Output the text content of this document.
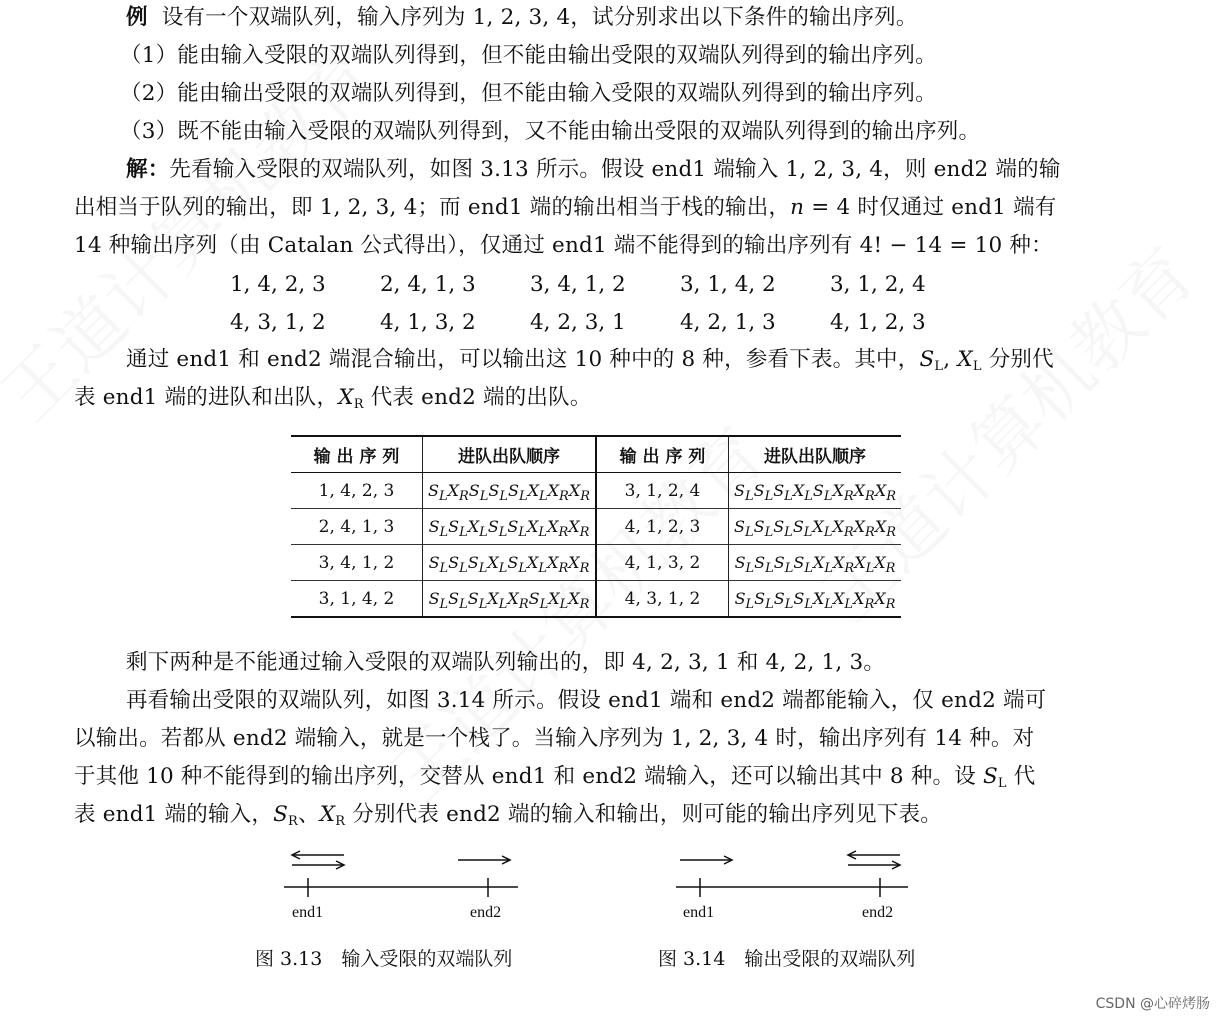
例 设有一个双端队列，输入序列为 1, 2, 3, 4，试分别求出以下条件的输出序列。
（1）能由输入受限的双端队列得到，但不能由输出受限的双端队列得到的输出序列。
（2）能由输出受限的双端队列得到，但不能由输入受限的双端队列得到的输出序列。
（3）既不能由输入受限的双端队列得到，又不能由输出受限的双端队列得到的输出序列。
解：先看输入受限的双端队列，如图 3.13 所示。假设 end1 端输入 1, 2, 3, 4，则 end2 端的输
出相当于队列的输出，即 1, 2, 3, 4；而 end1 端的输出相当于栈的输出，n = 4 时仅通过 end1 端有
14 种输出序列（由 Catalan 公式得出），仅通过 end1 端不能得到的输出序列有 4! − 14 = 10 种：
1, 4, 2, 3	2, 4, 1, 3	3, 4, 1, 2	3, 1, 4, 2	3, 1, 2, 4
4, 3, 1, 2	4, 1, 3, 2	4, 2, 3, 1	4, 2, 1, 3	4, 1, 2, 3
通过 end1 和 end2 端混合输出，可以输出这 10 种中的 8 种，参看下表。其中，$S_L$, $X_L$ 分别代
表 end1 端的进队和出队，$X_R$ 代表 end2 端的出队。
输 出 序 列	进队出队顺序	输 出 序 列	进队出队顺序
1, 4, 2, 3	$S_LX_RS_LS_LS_LX_LX_RX_R$	3, 1, 2, 4	$S_LS_LS_LX_LS_LX_RX_RX_R$
2, 4, 1, 3	$S_LS_LX_LS_LS_LX_LX_RX_R$	4, 1, 2, 3	$S_LS_LS_LS_LX_LX_RX_RX_R$
3, 4, 1, 2	$S_LS_LS_LX_LS_LX_LX_RX_R$	4, 1, 3, 2	$S_LS_LS_LS_LX_LX_RX_LX_R$
3, 1, 4, 2	$S_LS_LS_LX_LX_RS_LX_LX_R$	4, 3, 1, 2	$S_LS_LS_LS_LX_LX_LX_RX_R$
剩下两种是不能通过输入受限的双端队列输出的，即 4, 2, 3, 1 和 4, 2, 1, 3。
再看输出受限的双端队列，如图 3.14 所示。假设 end1 端和 end2 端都能输入，仅 end2 端可
以输出。若都从 end2 端输入，就是一个栈了。当输入序列为 1, 2, 3, 4 时，输出序列有 14 种。对
于其他 10 种不能得到的输出序列，交替从 end1 和 end2 端输入，还可以输出其中 8 种。设 $S_L$ 代
表 end1 端的输入，$S_R$、$X_R$ 分别代表 end2 端的输入和输出，则可能的输出序列见下表。
end1	end2	end1	end2
图 3.13　输入受限的双端队列	图 3.14　输出受限的双端队列
CSDN @心碎烤肠
